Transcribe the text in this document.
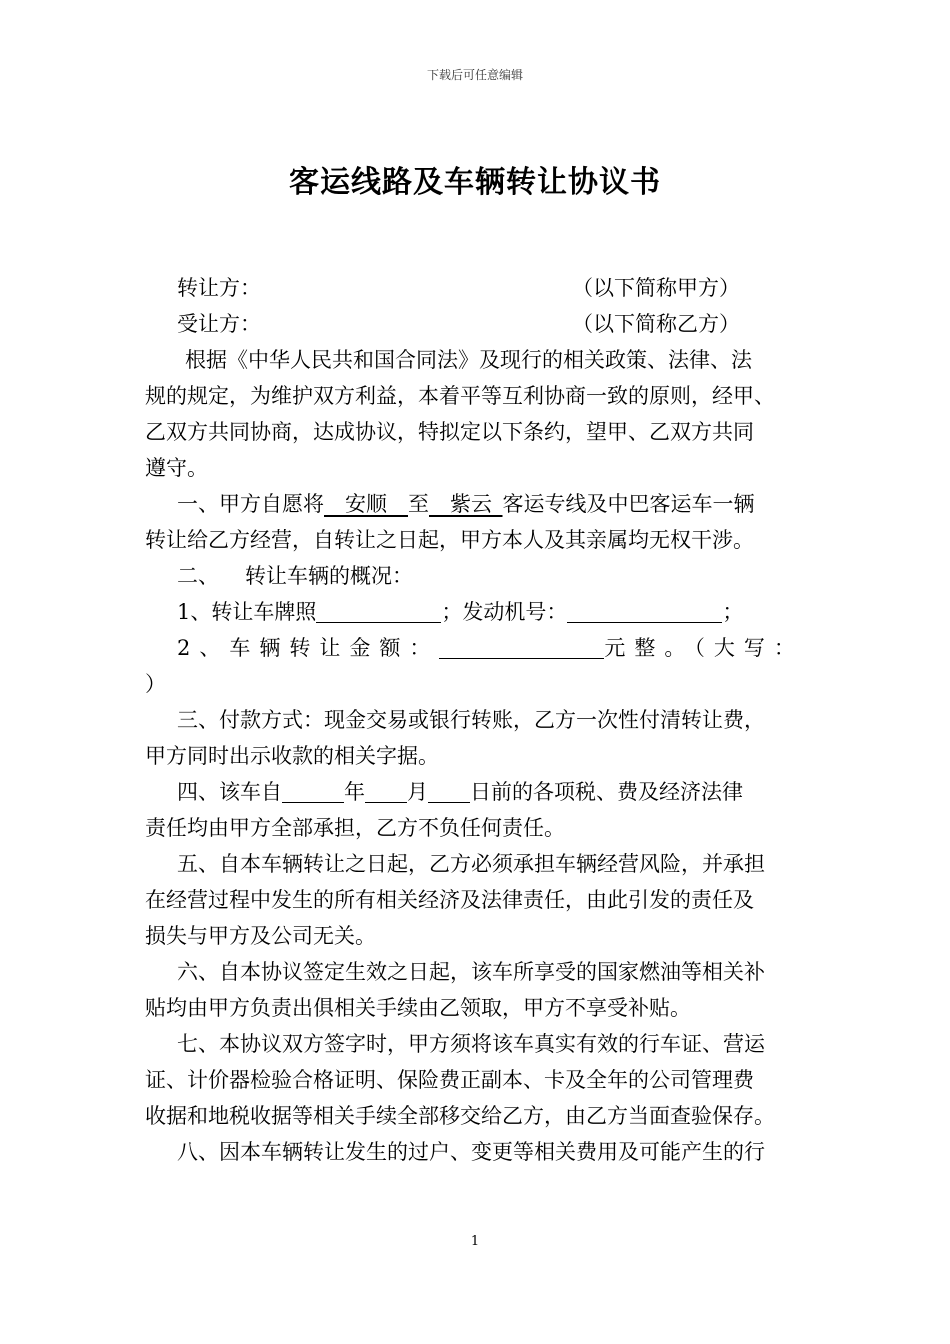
下载后可任意编辑
客运线路及车辆转让协议书
转让方：	（以下简称甲方）
受让方：	（以下简称乙方）
根据《中华人民共和国合同法》及现行的相关政策、法律、法
规的规定，为维护双方利益，本着平等互利协商一致的原则，经甲、
乙双方共同协商，达成协议，特拟定以下条约，望甲、乙双方共同
遵守。
一、甲方自愿将  安顺  至   紫云  客运专线及中巴客运车一辆
转让给乙方经营，自转让之日起，甲方本人及其亲属均无权干涉。
二、 转让车辆的概况：
1、转让车牌照	；发动机号：	；
2、车辆转让金额：	元整。（大写：
）
三、付款方式：现金交易或银行转账，乙方一次性付清转让费，
甲方同时出示收款的相关字据。
四、该车自	年 月 日前的各项税、费及经济法律
责任均由甲方全部承担，乙方不负任何责任。
五、自本车辆转让之日起，乙方必须承担车辆经营风险，并承担
在经营过程中发生的所有相关经济及法律责任，由此引发的责任及
损失与甲方及公司无关。
六、自本协议签定生效之日起，该车所享受的国家燃油等相关补
贴均由甲方负责出俱相关手续由乙领取，甲方不享受补贴。
七、本协议双方签字时，甲方须将该车真实有效的行车证、营运
证、计价器检验合格证明、保险费正副本、卡及全年的公司管理费
收据和地税收据等相关手续全部移交给乙方，由乙方当面查验保存。
八、因本车辆转让发生的过户、变更等相关费用及可能产生的行
1
